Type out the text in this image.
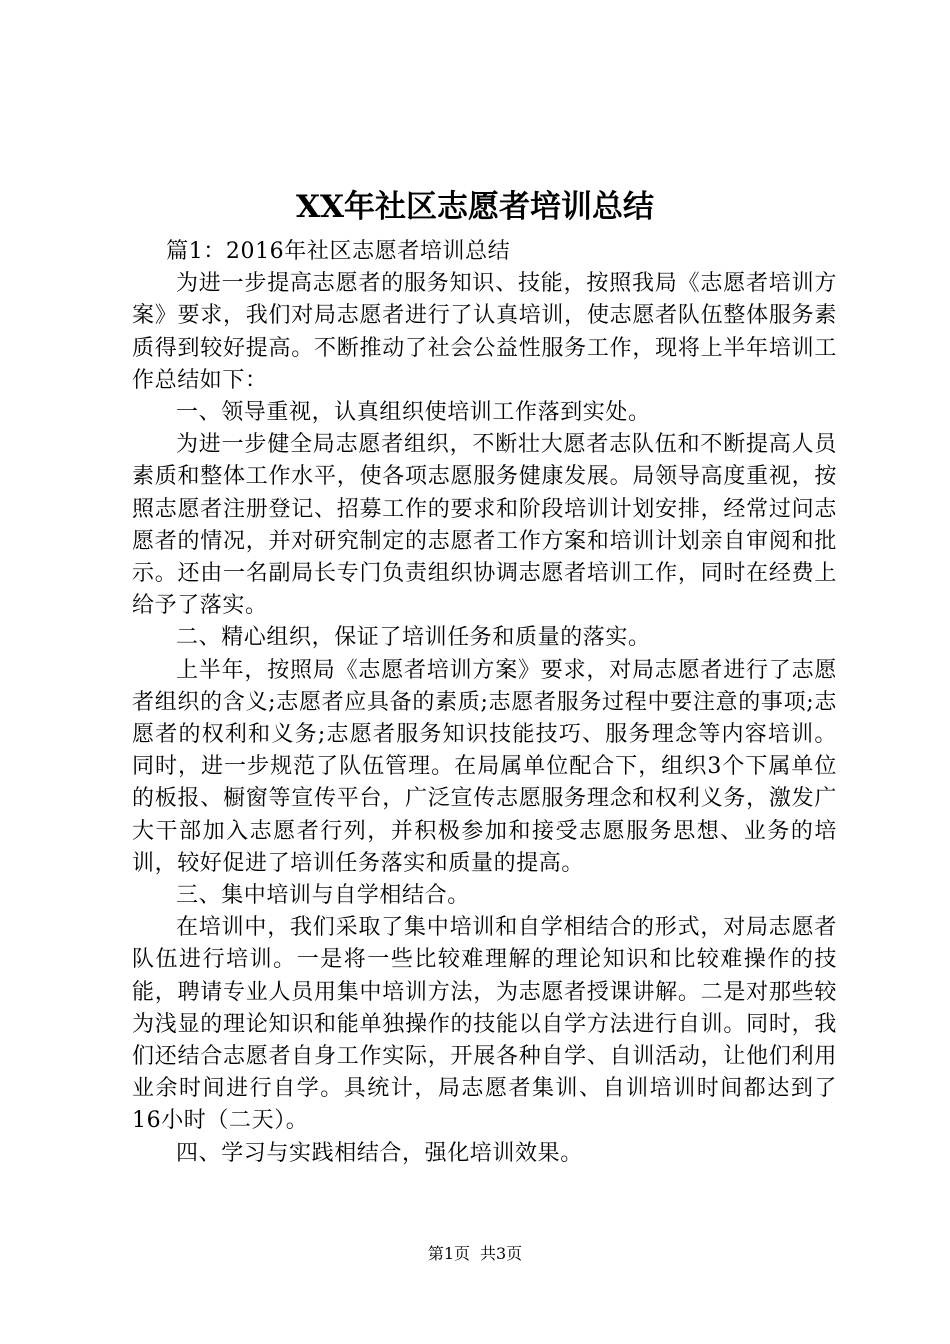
XX年社区志愿者培训总结

篇1：2016年社区志愿者培训总结

为进一步提高志愿者的服务知识、技能，按照我局《志愿者培训方案》要求，我们对局志愿者进行了认真培训，使志愿者队伍整体服务素质得到较好提高。不断推动了社会公益性服务工作，现将上半年培训工作总结如下：

一、领导重视，认真组织使培训工作落到实处。

为进一步健全局志愿者组织，不断壮大愿者志队伍和不断提高人员素质和整体工作水平，使各项志愿服务健康发展。局领导高度重视，按照志愿者注册登记、招募工作的要求和阶段培训计划安排，经常过问志愿者的情况，并对研究制定的志愿者工作方案和培训计划亲自审阅和批示。还由一名副局长专门负责组织协调志愿者培训工作，同时在经费上给予了落实。

二、精心组织，保证了培训任务和质量的落实。

上半年，按照局《志愿者培训方案》要求，对局志愿者进行了志愿者组织的含义;志愿者应具备的素质;志愿者服务过程中要注意的事项;志愿者的权利和义务;志愿者服务知识技能技巧、服务理念等内容培训。同时，进一步规范了队伍管理。在局属单位配合下，组织3个下属单位的板报、橱窗等宣传平台，广泛宣传志愿服务理念和权利义务，激发广大干部加入志愿者行列，并积极参加和接受志愿服务思想、业务的培训，较好促进了培训任务落实和质量的提高。

三、集中培训与自学相结合。

在培训中，我们采取了集中培训和自学相结合的形式，对局志愿者队伍进行培训。一是将一些比较难理解的理论知识和比较难操作的技能，聘请专业人员用集中培训方法，为志愿者授课讲解。二是对那些较为浅显的理论知识和能单独操作的技能以自学方法进行自训。同时，我们还结合志愿者自身工作实际，开展各种自学、自训活动，让他们利用业余时间进行自学。具统计，局志愿者集训、自训培训时间都达到了16小时（二天）。

四、学习与实践相结合，强化培训效果。

第1页 共3页
